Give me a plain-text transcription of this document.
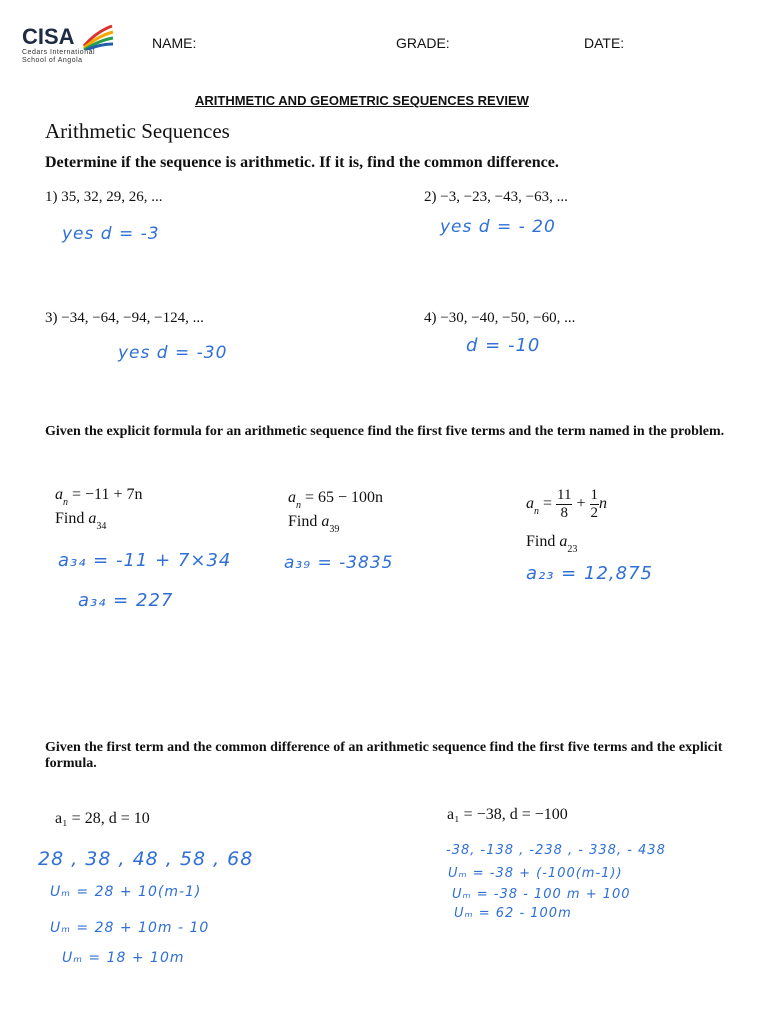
CISA
Cedars International
School of Angola
NAME:	GRADE:	DATE:
ARITHMETIC AND GEOMETRIC SEQUENCES REVIEW
Arithmetic Sequences
Determine if the sequence is arithmetic. If it is, find the common difference.
1) 35, 32, 29, 26, ...	2) −3, −23, −43, −63, ...
yes d = -3	yes d = - 20
3) −34, −64, −94, −124, ...	4) −30, −40, −50, −60, ...
yes d = -30	d = -10
Given the explicit formula for an arithmetic sequence find the first five terms and the term named in the problem.
$a_n = -11 + 7n$
Find $a_{34}$
$a_n = 65 - 100n$
Find $a_{39}$
$a_n = \frac{11}{8} + \frac{1}{2}$ n
Find $a_{23}$
a₃₄ = -11 + 7×34
a₃₄ = 227
a₃₉ = -3835	a₂₃ = 12,875
Given the first term and the common difference of an arithmetic sequence find the first five terms and the explicit formula.
a₁ = 28, d = 10	a₁ = −38, d = −100
28 , 38 , 48 , 58 , 68
Uₘ = 28 + 10(m-1)
Uₘ = 28 + 10m - 10
Uₘ = 18 + 10m
-38, -138 , -238 , - 338, - 438
Uₘ = -38 + (-100(m-1))
Uₘ = -38 - 100 m + 100
Uₘ = 62 - 100m
